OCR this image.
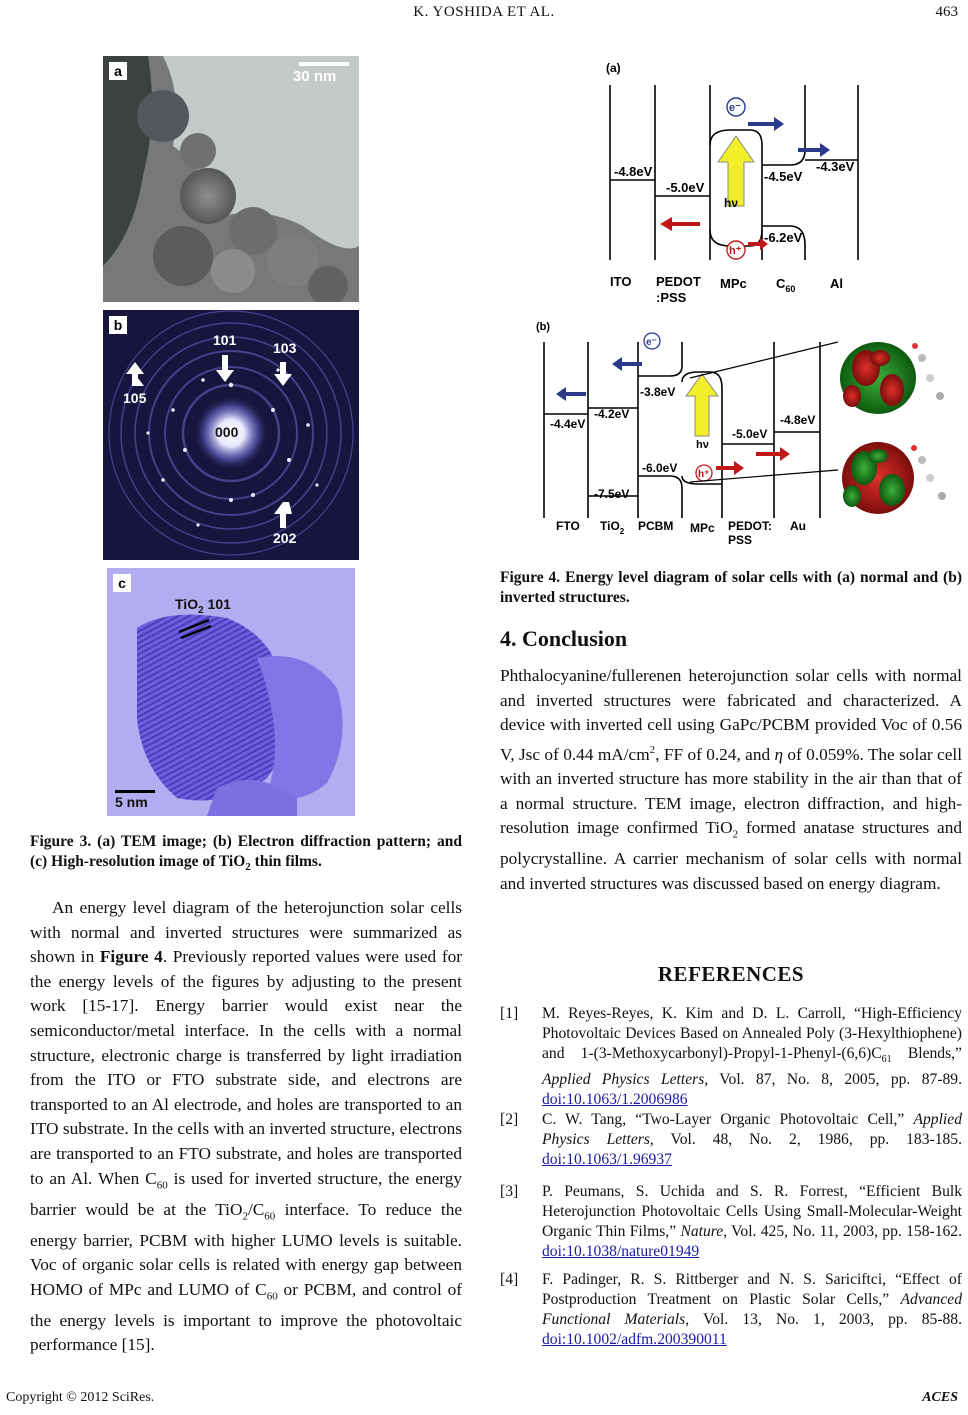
K. YOSHIDA ET AL.	463
a	30 nm
b
101	103
105
000
202
c
TiO$_2$ 101
5 nm
Figure 3. (a) TEM image; (b) Electron diffraction pattern; and (c) High-resolution image of TiO$_2$ thin films.
An energy level diagram of the heterojunction solar cells with normal and inverted structures were summarized as shown in Figure 4. Previously reported values were used for the energy levels of the figures by adjusting to the present work [15-17]. Energy barrier would exist near the semiconductor/metal interface. In the cells with a normal structure, electronic charge is transferred by light irradiation from the ITO or FTO substrate side, and electrons are transported to an Al electrode, and holes are transported to an ITO substrate. In the cells with an inverted structure, electrons are transported to an FTO substrate, and holes are transported to an Al. When $C_{60}$ is used for inverted structure, the energy barrier would be at the $TiO_2/C_{60}$ interface. To reduce the energy barrier, PCBM with higher LUMO levels is suitable. Voc of organic solar cells is related with energy gap between HOMO of MPc and LUMO of $C_{60}$ or PCBM, and control of the energy levels is important to improve the photovoltaic performance [15].
(a)
-4.8eV
-5.0eV
-4.5eV
-6.2eV
-4.3eV
hν
e⁻
h⁺
ITO PEDOT
:PSS
MPc $C_{60}$	Al
(b)
-4.4eV
-4.2eV
-7.5eV
-3.8eV
-6.0eV
-5.0eV
-4.8eV
hν
e⁻
h⁺
FTO TiO$_2$ PCBM MPc PEDOT:
PSS
Au
Figure 4. Energy level diagram of solar cells with (a) normal and (b) inverted structures.
4. Conclusion
Phthalocyanine/fullerenen heterojunction solar cells with normal and inverted structures were fabricated and characterized. A device with inverted cell using GaPc/PCBM provided Voc of 0.56 V, Jsc of 0.44 $mA/cm^2$, FF of 0.24, and η of 0.059%. The solar cell with an inverted structure has more stability in the air than that of a normal structure. TEM image, electron diffraction, and high-resolution image confirmed TiO$_2$ formed anatase structures and polycrystalline. A carrier mechanism of solar cells with normal and inverted structures was discussed based on energy diagram.
REFERENCES
[1] M. Reyes-Reyes, K. Kim and D. L. Carroll, “High-Efficiency Photovoltaic Devices Based on Annealed Poly (3-Hexylthiophene) and $1-(3-Methoxycarbonyl)-Propyl-1-Phenyl-(6,6)C_{61}$ Blends,” Applied Physics Letters, Vol. 87, No. 8, 2005, pp. 87-89. doi:10.1063/1.2006986
[2] C. W. Tang, “Two-Layer Organic Photovoltaic Cell,” Applied Physics Letters, Vol. 48, No. 2, 1986, pp. 183-185. doi:10.1063/1.96937
[3] P. Peumans, S. Uchida and S. R. Forrest, “Efficient Bulk Heterojunction Photovoltaic Cells Using Small-Molecular-Weight Organic Thin Films,” Nature, Vol. 425, No. 11, 2003, pp. 158-162. doi:10.1038/nature01949
[4] F. Padinger, R. S. Rittberger and N. S. Sariciftci, “Effect of Postproduction Treatment on Plastic Solar Cells,” Advanced Functional Materials, Vol. 13, No. 1, 2003, pp. 85-88. doi:10.1002/adfm.200390011
Copyright © 2012 SciRes.	ACES
